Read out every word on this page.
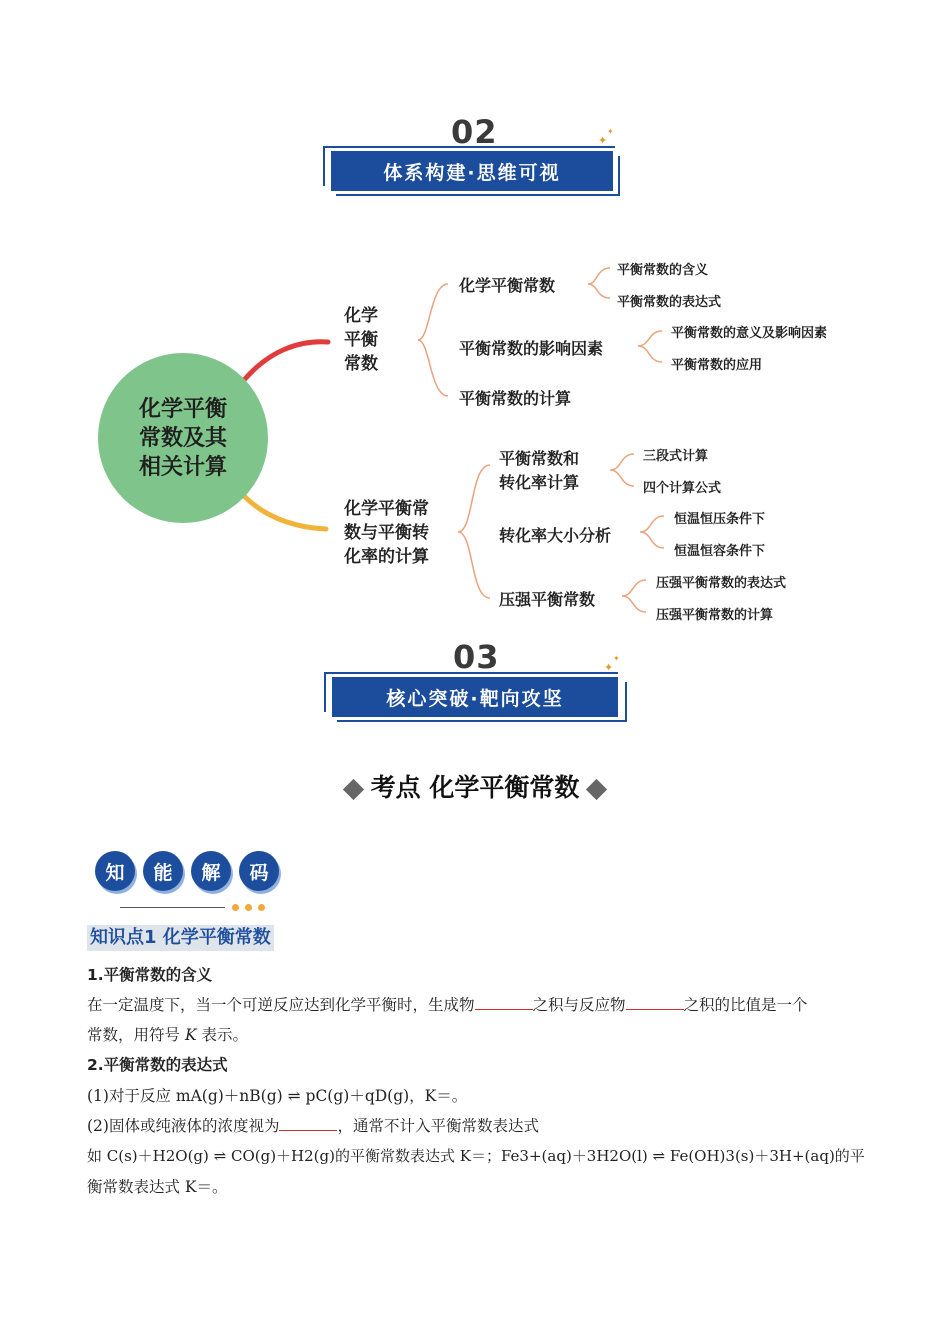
02
体系构建·思维可视
✦
✦
化学平衡
常数及其
相关计算
化学
平衡
常数
化学平衡常数
平衡常数的含义
平衡常数的表达式
平衡常数的影响因素
平衡常数的意义及影响因素
平衡常数的应用
平衡常数的计算
化学平衡常
数与平衡转
化率的计算
平衡常数和
转化率计算
三段式计算
四个计算公式
转化率大小分析
恒温恒压条件下
恒温恒容条件下
压强平衡常数
压强平衡常数的表达式
压强平衡常数的计算
03
核心突破·靶向攻坚
✦
✦
考点 化学平衡常数
知	能	解	码
知识点1 化学平衡常数
1.平衡常数的含义
在一定温度下，当一个可逆反应达到化学平衡时，生成物	之积与反应物	之积的比值是一个
常数，用符号 K 表示。
2.平衡常数的表达式
(1)对于反应 mA(g)＋nB(g) ⇌ pC(g)＋qD(g)，K＝。
(2)固体或纯液体的浓度视为	，通常不计入平衡常数表达式
如 C(s)＋H2O(g) ⇌ CO(g)＋H2(g)的平衡常数表达式 K＝；Fe3+(aq)＋3H2O(l) ⇌ Fe(OH)3(s)＋3H+(aq)的平
衡常数表达式 K＝。
